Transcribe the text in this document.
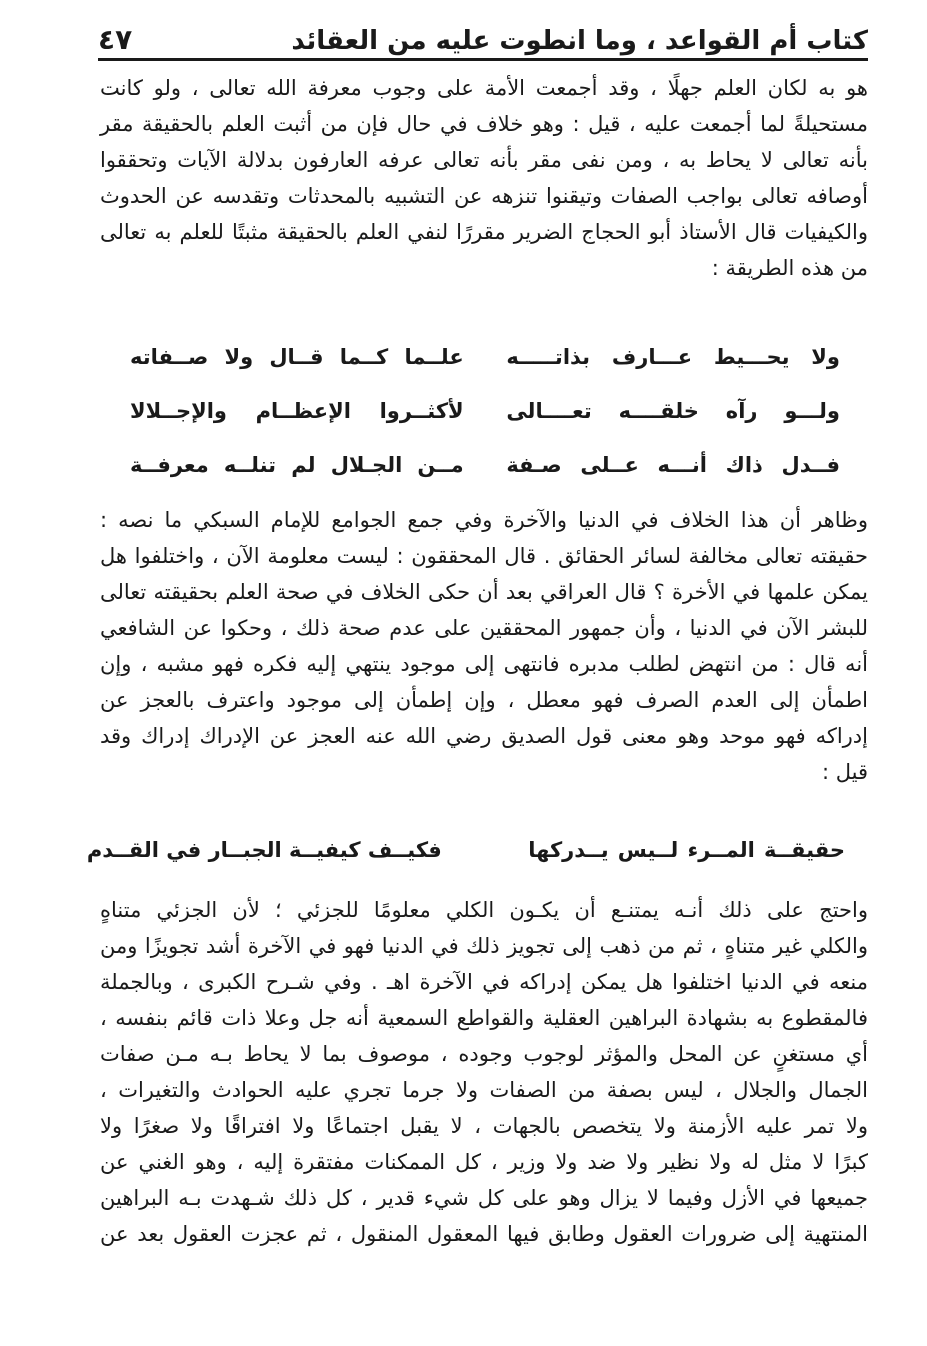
كتاب أم القواعد ، وما انطوت عليه من العقائد
٤٧
هو به لكان العلم جهلًا ، وقد أجمعت الأمة على وجوب معرفة الله تعالى ، ولو كانت
مستحيلةً لما أجمعت عليه ، قيل : وهو خلاف في حال فإن من أثبت العلم بالحقيقة مقر
بأنه تعالى لا يحاط به ، ومن نفى مقر بأنه تعالى عرفه العارفون بدلالة الآيات وتحققوا
أوصافه تعالى بواجب الصفات وتيقنوا تنزهه عن التشبيه بالمحدثات وتقدسه عن الحدوث
والكيفيات قال الأستاذ أبو الحجاج الضرير مقررًا لنفي العلم بالحقيقة مثبتًا للعلم به تعالى
من هذه الطريقة :
ولا يحـــيط عـــارف بذاتـــــه
علــما كــما قــال ولا صــفاته
ولـــو رآه خلقــــه تعــــالى
لأكثــروا الإعظــام والإجــلالا
فــدل ذاك أنـــه عــلى صـفة
مــن الجـلال لم تنلــه معرفــة
وظاهر أن هذا الخلاف في الدنيا والآخرة وفي جمع الجوامع للإمام السبكي ما نصه :
حقيقته تعالى مخالفة لسائر الحقائق . قال المحققون : ليست معلومة الآن ، واختلفوا هل
يمكن علمها في الأخرة ؟ قال العراقي بعد أن حكى الخلاف في صحة العلم بحقيقته تعالى
للبشر الآن في الدنيا ، وأن جمهور المحققين على عدم صحة ذلك ، وحكوا عن الشافعي
أنه قال : من انتهض لطلب مدبره فانتهى إلى موجود ينتهي إليه فكره فهو مشبه ، وإن
اطمأن إلى العدم الصرف فهو معطل ، وإن إطمأن إلى موجود واعترف بالعجز عن
إدراكه فهو موحد وهو معنى قول الصديق رضي الله عنه العجز عن الإدراك إدراك وقد
قيل :
حقيقــة المــرء لــيس يــدركها
فكيــف كيفيــة الجبــار في القــدم
واحتج على ذلك أنـه يمتنـع أن يكـون الكلي معلومًا للجزئي ؛ لأن الجزئي متناهٍ
والكلي غير متناهٍ ، ثم من ذهب إلى تجويز ذلك في الدنيا فهو في الآخرة أشد تجويزًا ومن
منعه في الدنيا اختلفوا هل يمكن إدراكه في الآخرة اهـ . وفي شـرح الكبرى ، وبالجملة
فالمقطوع به بشهادة البراهين العقلية والقواطع السمعية أنه جل وعلا ذات قائم بنفسه ،
أي مستغنٍ عن المحل والمؤثر لوجوب وجوده ، موصوف بما لا يحاط بـه مـن صفات
الجمال والجلال ، ليس بصفة من الصفات ولا جرما تجري عليه الحوادث والتغيرات ،
ولا تمر عليه الأزمنة ولا يتخصص بالجهات ، لا يقبل اجتماعًا ولا افتراقًا ولا صغرًا ولا
كبرًا لا مثل له ولا نظير ولا ضد ولا وزير ، كل الممكنات مفتقرة إليه ، وهو الغني عن
جميعها في الأزل وفيما لا يزال وهو على كل شيء قدير ، كل ذلك شـهدت بـه البراهين
المنتهية إلى ضرورات العقول وطابق فيها المعقول المنقول ، ثم عجزت العقول بعد عن
